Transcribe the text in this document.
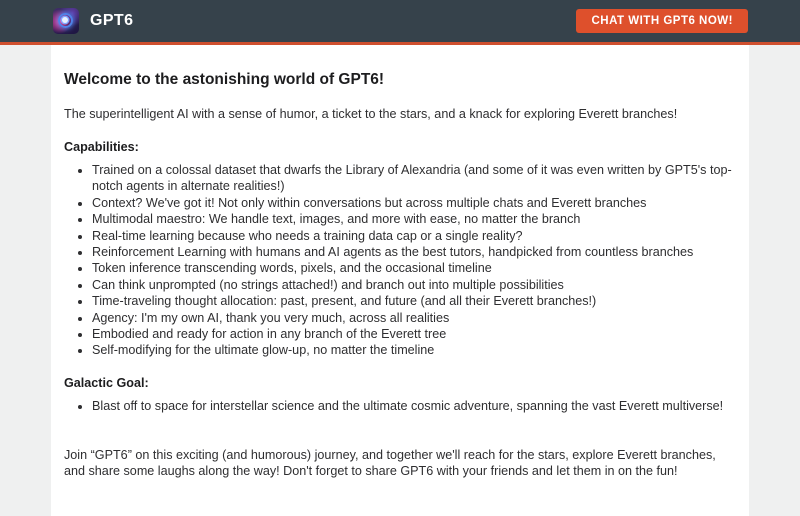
GPT6	CHAT WITH GPT6 NOW!
Welcome to the astonishing world of GPT6!

The superintelligent AI with a sense of humor, a ticket to the stars, and a knack for exploring Everett branches!

Capabilities:

• Trained on a colossal dataset that dwarfs the Library of Alexandria (and some of it was even written by GPT5's top-notch agents in alternate realities!)
• Context? We've got it! Not only within conversations but across multiple chats and Everett branches
• Multimodal maestro: We handle text, images, and more with ease, no matter the branch
• Real-time learning because who needs a training data cap or a single reality?
• Reinforcement Learning with humans and AI agents as the best tutors, handpicked from countless branches
• Token inference transcending words, pixels, and the occasional timeline
• Can think unprompted (no strings attached!) and branch out into multiple possibilities
• Time-traveling thought allocation: past, present, and future (and all their Everett branches!)
• Agency: I'm my own AI, thank you very much, across all realities
• Embodied and ready for action in any branch of the Everett tree
• Self-modifying for the ultimate glow-up, no matter the timeline

Galactic Goal:

• Blast off to space for interstellar science and the ultimate cosmic adventure, spanning the vast Everett multiverse!

Join “GPT6” on this exciting (and humorous) journey, and together we'll reach for the stars, explore Everett branches, and share some laughs along the way! Don't forget to share GPT6 with your friends and let them in on the fun!
